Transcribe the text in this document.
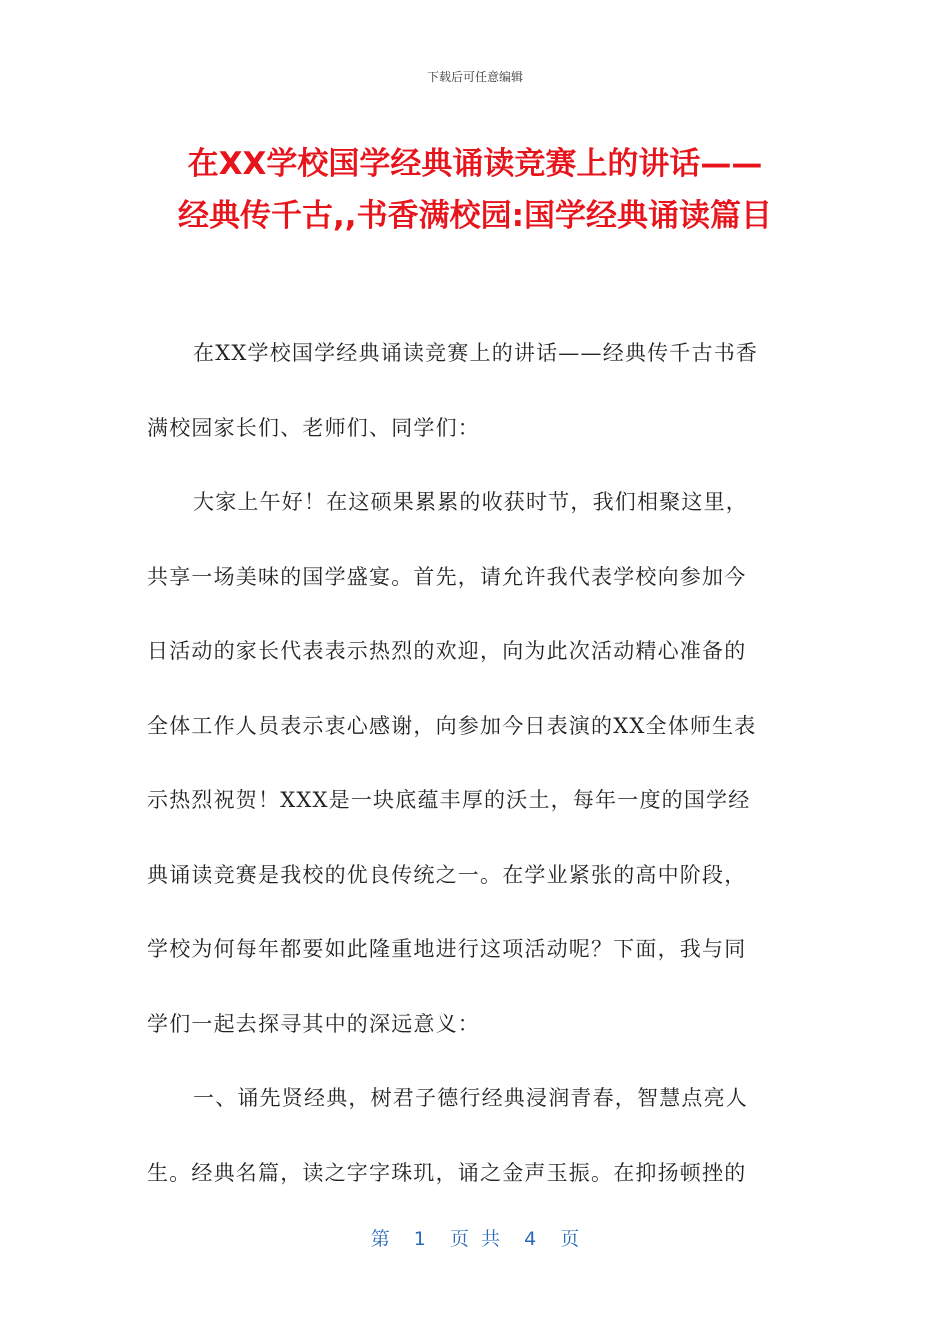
下载后可任意编辑
在XX学校国学经典诵读竞赛上的讲话——
经典传千古,,书香满校园:国学经典诵读篇目
在XX学校国学经典诵读竞赛上的讲话——经典传千古书香
满校园家长们、老师们、同学们：
大家上午好！在这硕果累累的收获时节，我们相聚这里，
共享一场美味的国学盛宴。首先，请允许我代表学校向参加今
日活动的家长代表表示热烈的欢迎，向为此次活动精心准备的
全体工作人员表示衷心感谢，向参加今日表演的XX全体师生表
示热烈祝贺！XXX是一块底蕴丰厚的沃土，每年一度的国学经
典诵读竞赛是我校的优良传统之一。在学业紧张的高中阶段，
学校为何每年都要如此隆重地进行这项活动呢？下面，我与同
学们一起去探寻其中的深远意义：
一、诵先贤经典，树君子德行经典浸润青春，智慧点亮人
生。经典名篇，读之字字珠玑，诵之金声玉振。在抑扬顿挫的
第  1  页 共  4  页
